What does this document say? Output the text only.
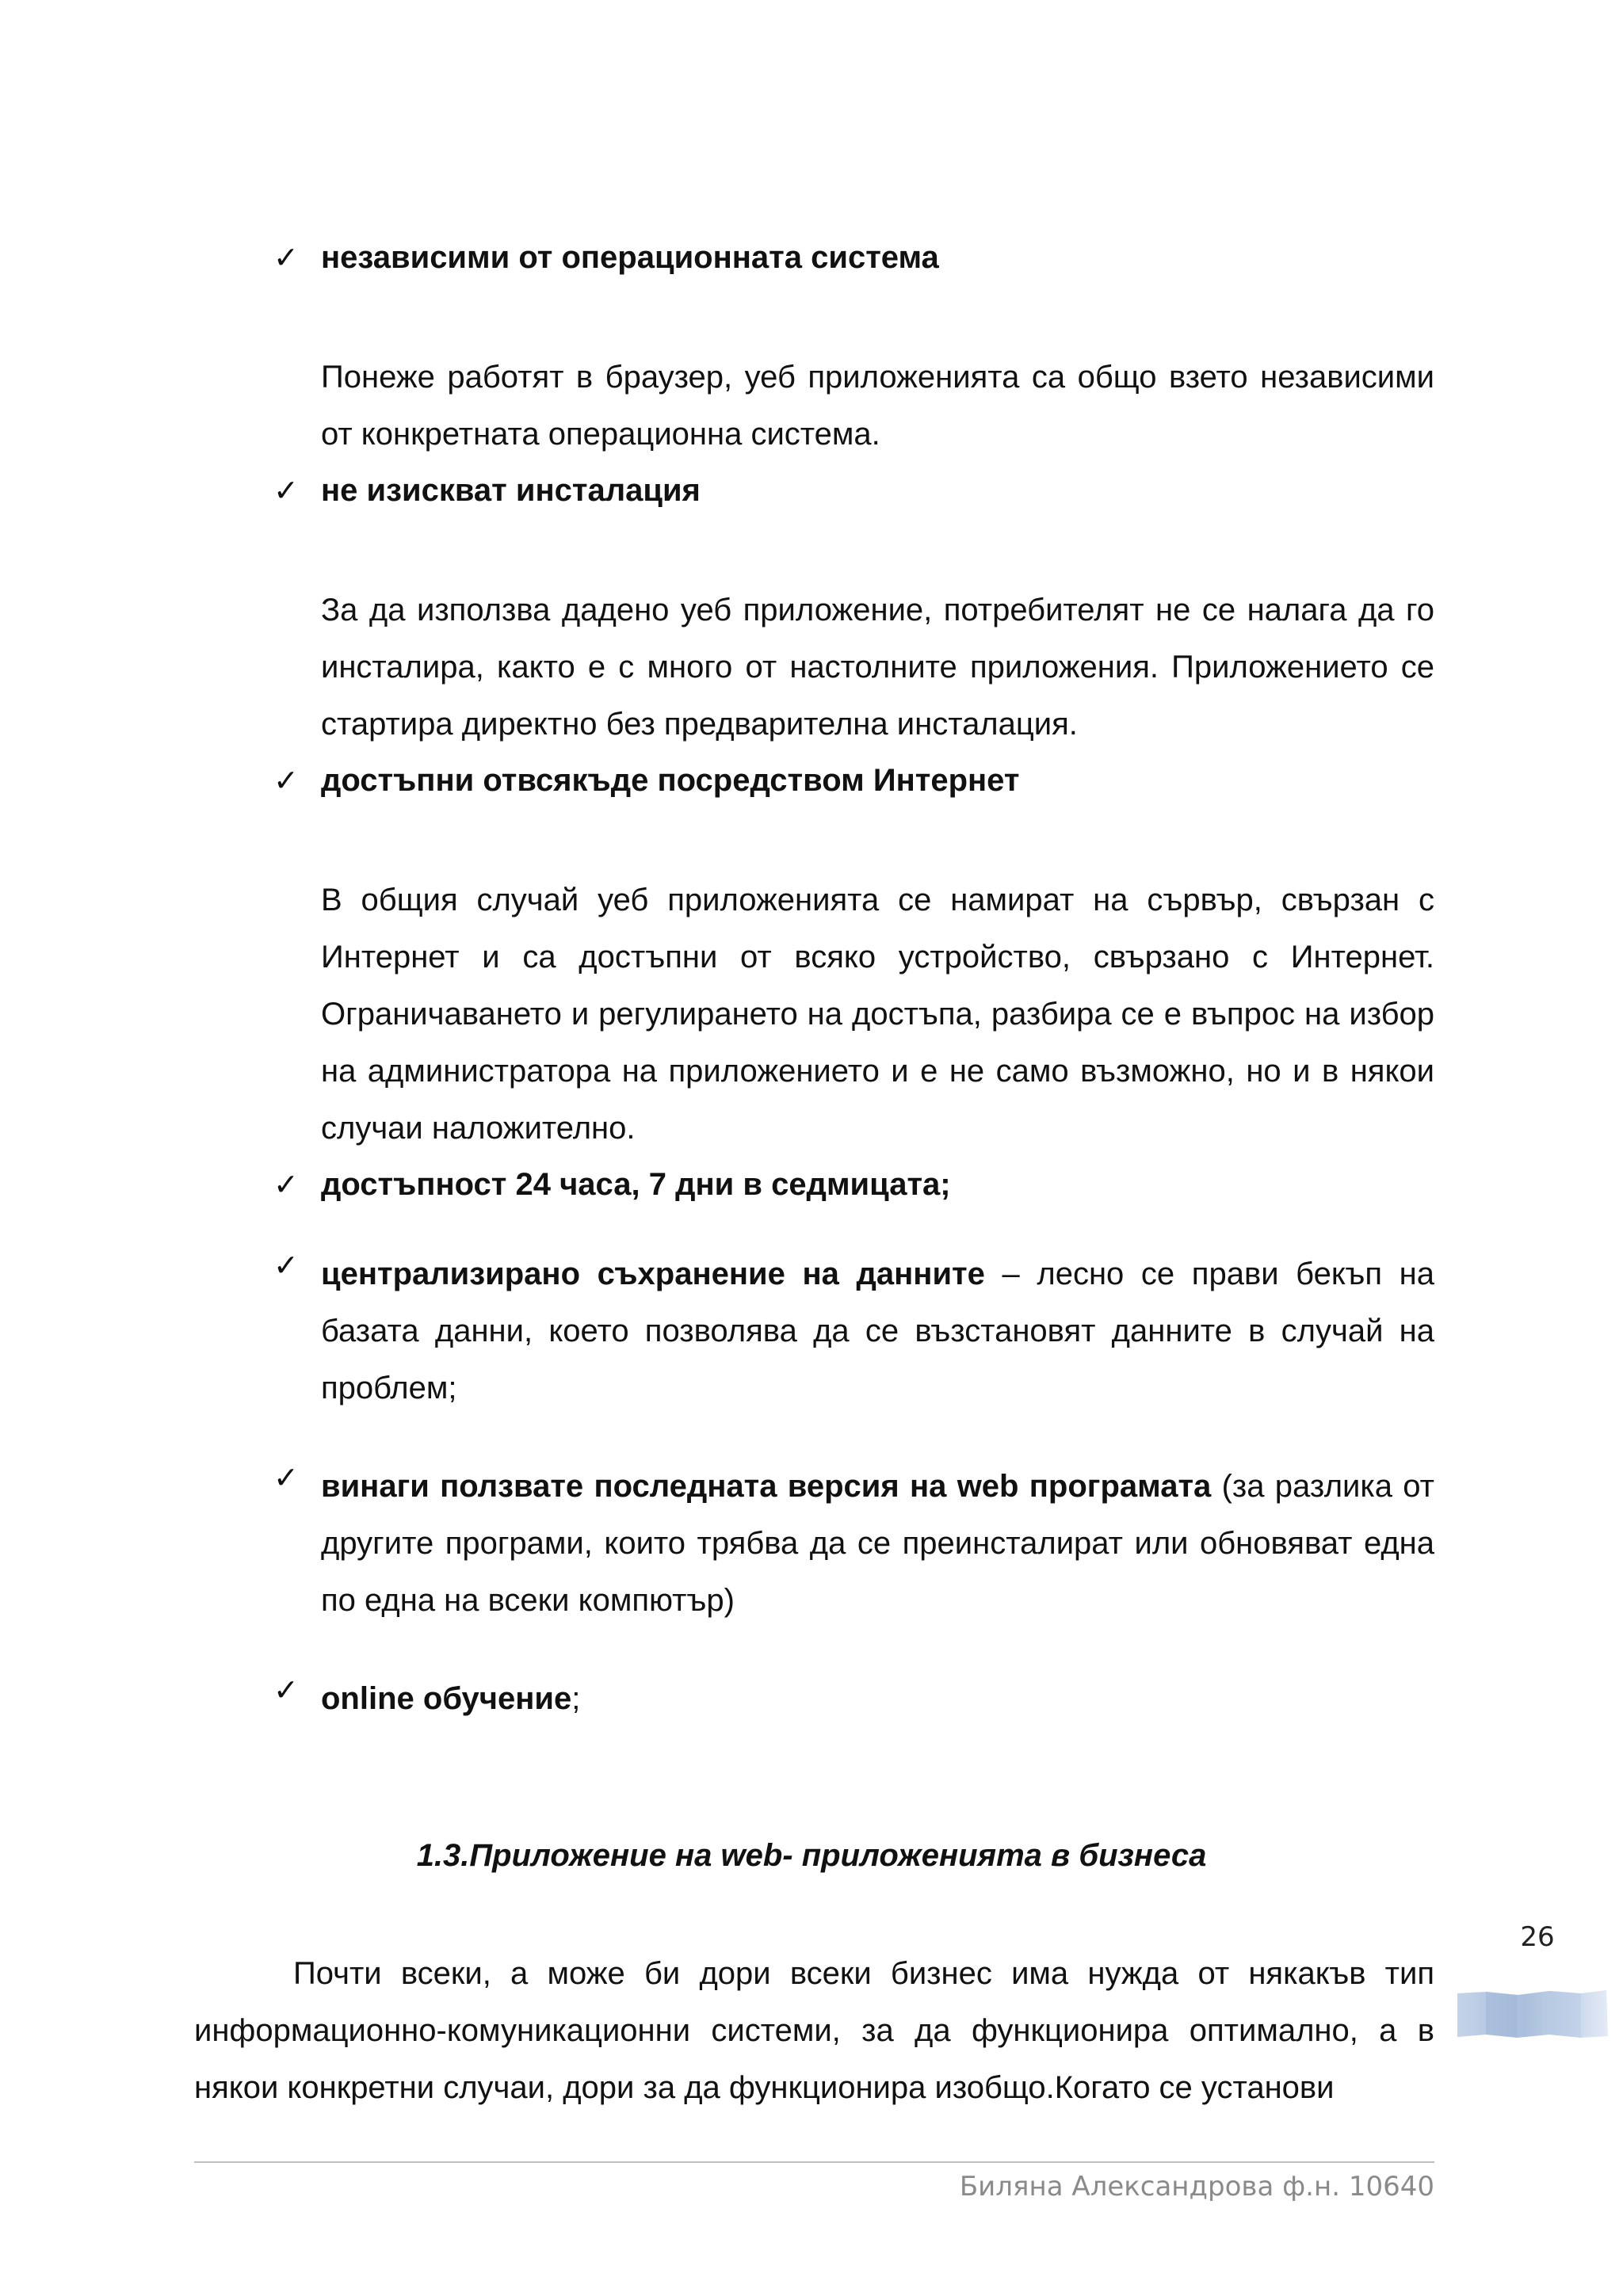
✓ независими от операционната система
Понеже работят в браузер, уеб приложенията са общо взето независими от конкретната операционна система.
✓ не изискват инсталация
За да използва дадено уеб приложение, потребителят не се налага да го инсталира, както е с много от настолните приложения. Приложението се стартира директно без предварителна инсталация.
✓ достъпни отвсякъде посредством Интернет
В общия случай уеб приложенията се намират на сървър, свързан с Интернет и са достъпни от всяко устройство, свързано с Интернет. Ограничаването и регулирането на достъпа, разбира се е въпрос на избор на администратора на приложението и е не само възможно, но и в някои случаи наложително.
✓ достъпност 24 часа, 7 дни в седмицата;
✓ централизирано съхранение на данните – лесно се прави бекъп на базата данни, което позволява да се възстановят данните в случай на проблем;
✓ винаги ползвате последната версия на web програмата (за разлика от другите програми, които трябва да се преинсталират или обновяват една по една на всеки компютър)
✓ online обучение;
1.3.Приложение на web- приложенията в бизнеса
Почти всеки, а може би дори всеки бизнес има нужда от някакъв тип информационно-комуникационни системи, за да функционира оптимално, а в някои конкретни случаи, дори за да функционира изобщо.Когато се установи
26
Биляна Александрова ф.н. 10640
